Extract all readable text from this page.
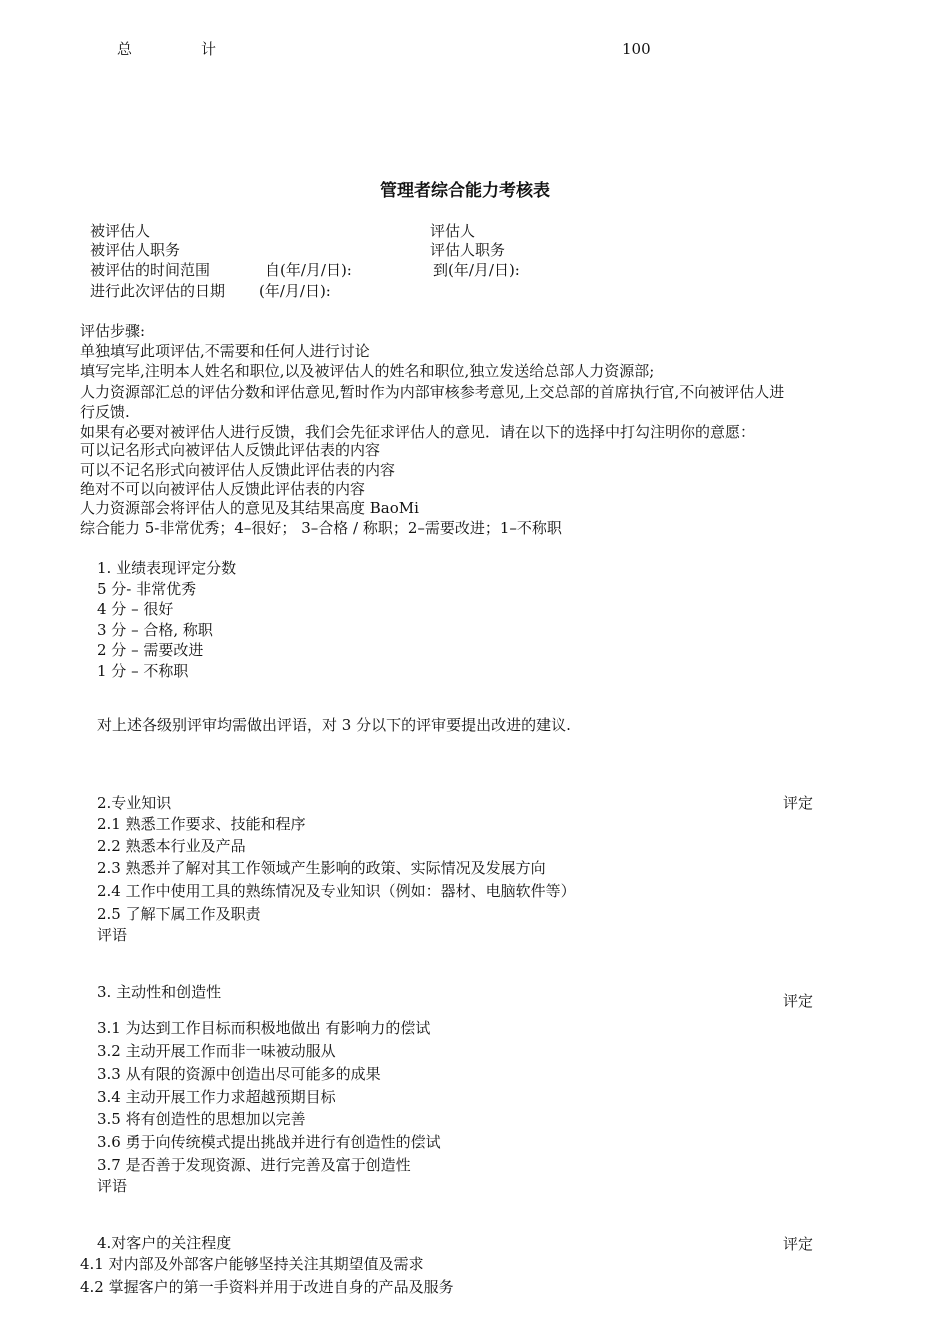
总	计	100
管理者综合能力考核表
被评估人	评估人
被评估人职务	评估人职务
被评估的时间范围	自(年/月/日):	到(年/月/日):
进行此次评估的日期 (年/月/日):
评估步骤:
单独填写此项评估,不需要和任何人进行讨论
填写完毕,注明本人姓名和职位,以及被评估人的姓名和职位,独立发送给总部人力资源部;
人力资源部汇总的评估分数和评估意见,暂时作为内部审核参考意见,上交总部的首席执行官,不向被评估人进
行反馈.
如果有必要对被评估人进行反馈，我们会先征求评估人的意见．请在以下的选择中打勾注明你的意愿：
可以记名形式向被评估人反馈此评估表的内容
可以不记名形式向被评估人反馈此评估表的内容
绝对不可以向被评估人反馈此评估表的内容
人力资源部会将评估人的意见及其结果高度 BaoMi
综合能力 5-非常优秀；4–很好； 3–合格 / 称职；2–需要改进；1–不称职
1. 业绩表现评定分数
5 分- 非常优秀
4 分 – 很好
3 分 – 合格, 称职
2 分 – 需要改进
1 分 – 不称职
对上述各级别评审均需做出评语，对 3 分以下的评审要提出改进的建议.
2.专业知识	评定
2.1 熟悉工作要求、技能和程序
2.2 熟悉本行业及产品
2.3 熟悉并了解对其工作领域产生影响的政策、实际情况及发展方向
2.4 工作中使用工具的熟练情况及专业知识（例如：器材、电脑软件等）
2.5 了解下属工作及职责
评语
3. 主动性和创造性	评定
3.1 为达到工作目标而积极地做出 有影响力的偿试
3.2 主动开展工作而非一味被动服从
3.3 从有限的资源中创造出尽可能多的成果
3.4 主动开展工作力求超越预期目标
3.5 将有创造性的思想加以完善
3.6 勇于向传统模式提出挑战并进行有创造性的偿试
3.7 是否善于发现资源、进行完善及富于创造性
评语
4.对客户的关注程度	评定
4.1 对内部及外部客户能够坚持关注其期望值及需求
4.2 掌握客户的第一手资料并用于改进自身的产品及服务
